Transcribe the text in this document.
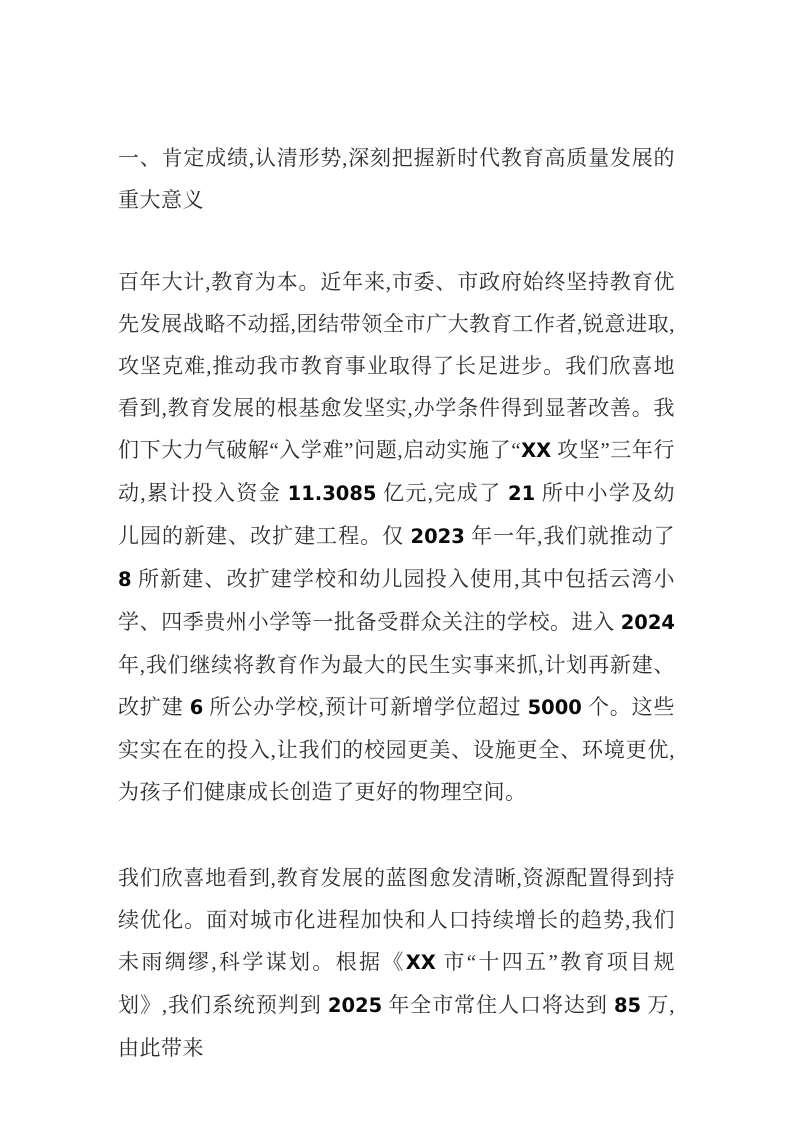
一、肯定成绩,认清形势,深刻把握新时代教育高质量发展的重大意义

百年大计,教育为本。近年来,市委、市政府始终坚持教育优先发展战略不动摇,团结带领全市广大教育工作者,锐意进取,攻坚克难,推动我市教育事业取得了长足进步。我们欣喜地看到,教育发展的根基愈发坚实,办学条件得到显著改善。我们下大力气破解“入学难”问题,启动实施了“XX 攻坚”三年行动,累计投入资金 11.3085 亿元,完成了 21 所中小学及幼儿园的新建、改扩建工程。仅 2023 年一年,我们就推动了 8 所新建、改扩建学校和幼儿园投入使用,其中包括云湾小学、四季贵州小学等一批备受群众关注的学校。进入 2024 年,我们继续将教育作为最大的民生实事来抓,计划再新建、改扩建 6 所公办学校,预计可新增学位超过 5000 个。这些实实在在的投入,让我们的校园更美、设施更全、环境更优,为孩子们健康成长创造了更好的物理空间。

我们欣喜地看到,教育发展的蓝图愈发清晰,资源配置得到持续优化。面对城市化进程加快和人口持续增长的趋势,我们未雨绸缪,科学谋划。根据《XX 市“十四五”教育项目规划》,我们系统预判到 2025 年全市常住人口将达到 85 万,由此带来
